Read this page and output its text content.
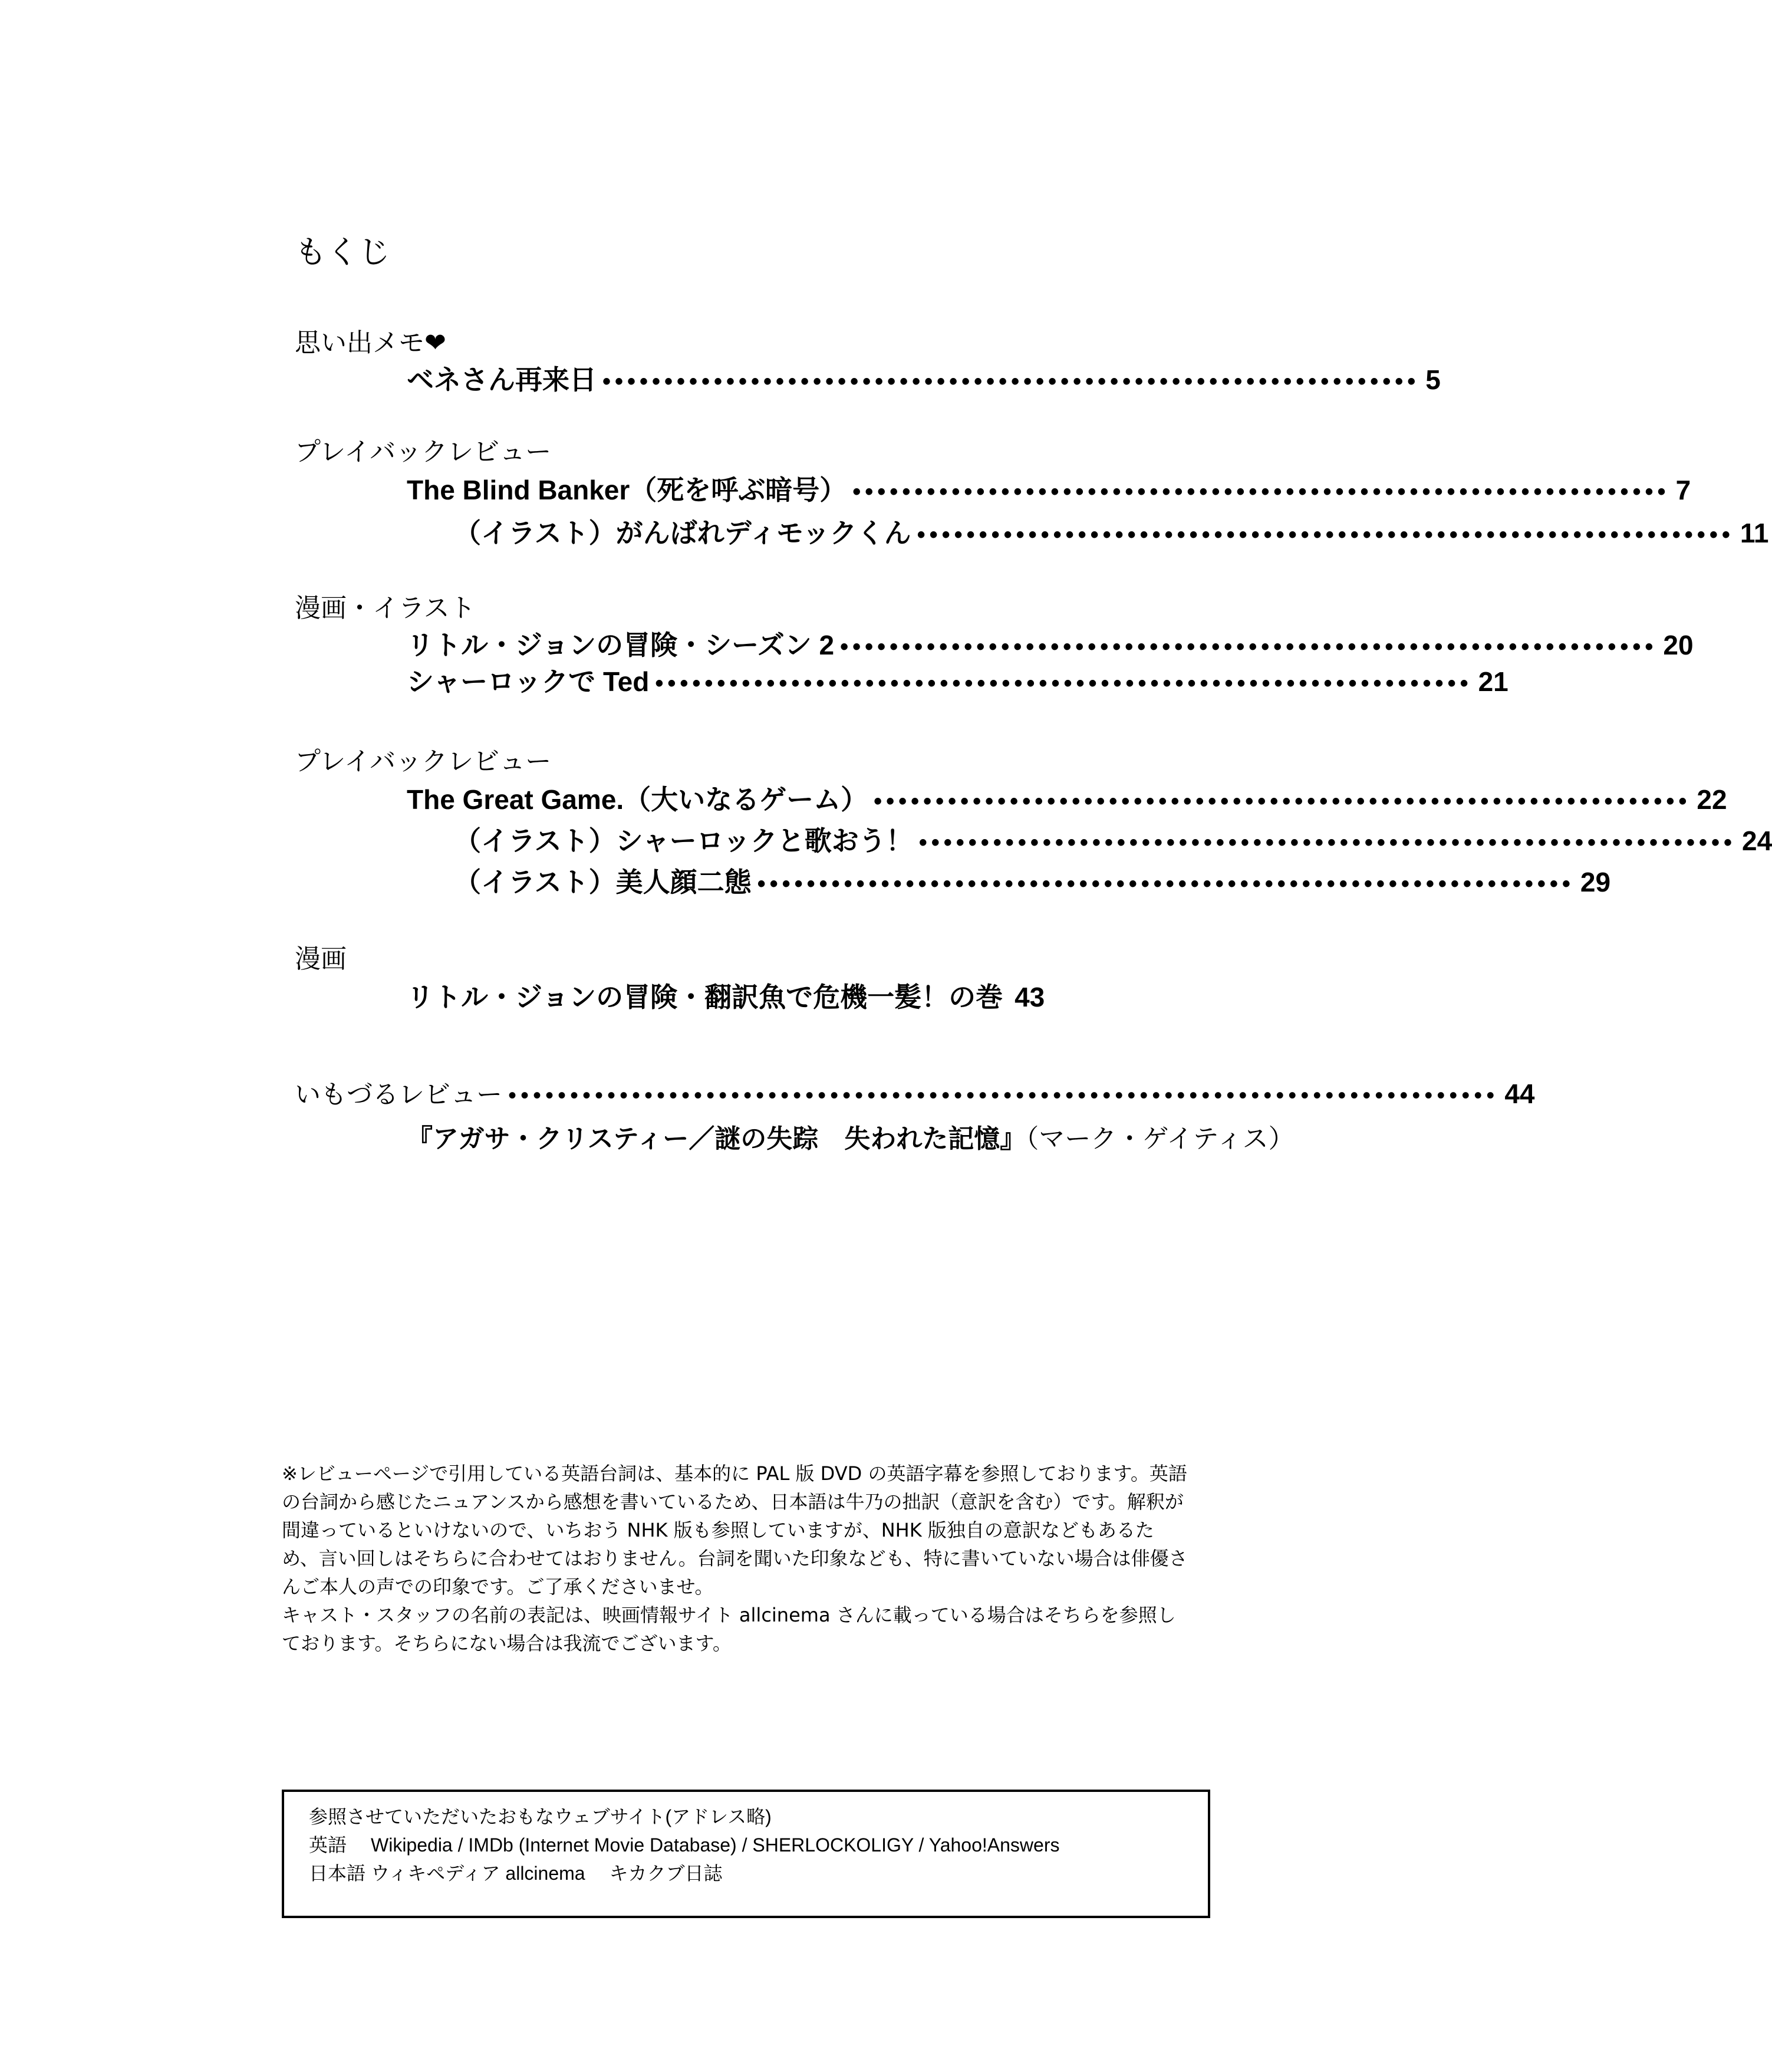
もくじ
思い出メモ❤
ベネさん再来日 •••••••••••••••••••••••••••••••••••••••••••••••••••••••••••••••••• 5
プレイバックレビュー
The Blind Banker（死を呼ぶ暗号） •••••••••••••••••••••••••••••••••••••••••••••••••••••••••••••••••• 7
（イラスト）がんばれディモックくん •••••••••••••••••••••••••••••••••••••••••••••••••••••••••••••••••• 11
漫画・イラスト
リトル・ジョンの冒険・シーズン 2 •••••••••••••••••••••••••••••••••••••••••••••••••••••••••••••••••• 20
シャーロックで Ted •••••••••••••••••••••••••••••••••••••••••••••••••••••••••••••••••• 21
プレイバックレビュー
The Great Game.（大いなるゲーム） •••••••••••••••••••••••••••••••••••••••••••••••••••••••••••••••••• 22
（イラスト）シャーロックと歌おう！ •••••••••••••••••••••••••••••••••••••••••••••••••••••••••••••••••• 24
（イラスト）美人顔二態 •••••••••••••••••••••••••••••••••••••••••••••••••••••••••••••••••• 29
漫画
リトル・ジョンの冒険・翻訳魚で危機一髪！の巻 43
いもづるレビュー •••••••••••••••••••••••••••••••••••••••••••••••••••••••••••••••••••••••••••••••• 44
『アガサ・クリスティー／謎の失踪　失われた記憶』（マーク・ゲイティス）

※レビューページで引用している英語台詞は、基本的に PAL 版 DVD の英語字幕を参照しております。英語の台詞から感じたニュアンスから感想を書いているため、日本語は牛乃の拙訳（意訳を含む）です。解釈が間違っているといけないので、いちおう NHK 版も参照していますが、NHK 版独自の意訳などもあるため、言い回しはそちらに合わせてはおりません。台詞を聞いた印象なども、特に書いていない場合は俳優さんご本人の声での印象です。ご了承くださいませ。

キャスト・スタッフの名前の表記は、映画情報サイト allcinema さんに載っている場合はそちらを参照しております。そちらにない場合は我流でございます。

参照させていただいたおもなウェブサイト(アドレス略)
英語 Wikipedia / IMDb (Internet Movie Database) / SHERLOCKOLIGY / Yahoo!Answers
日本語 ウィキペディア allcinema　 キカクブ日誌
